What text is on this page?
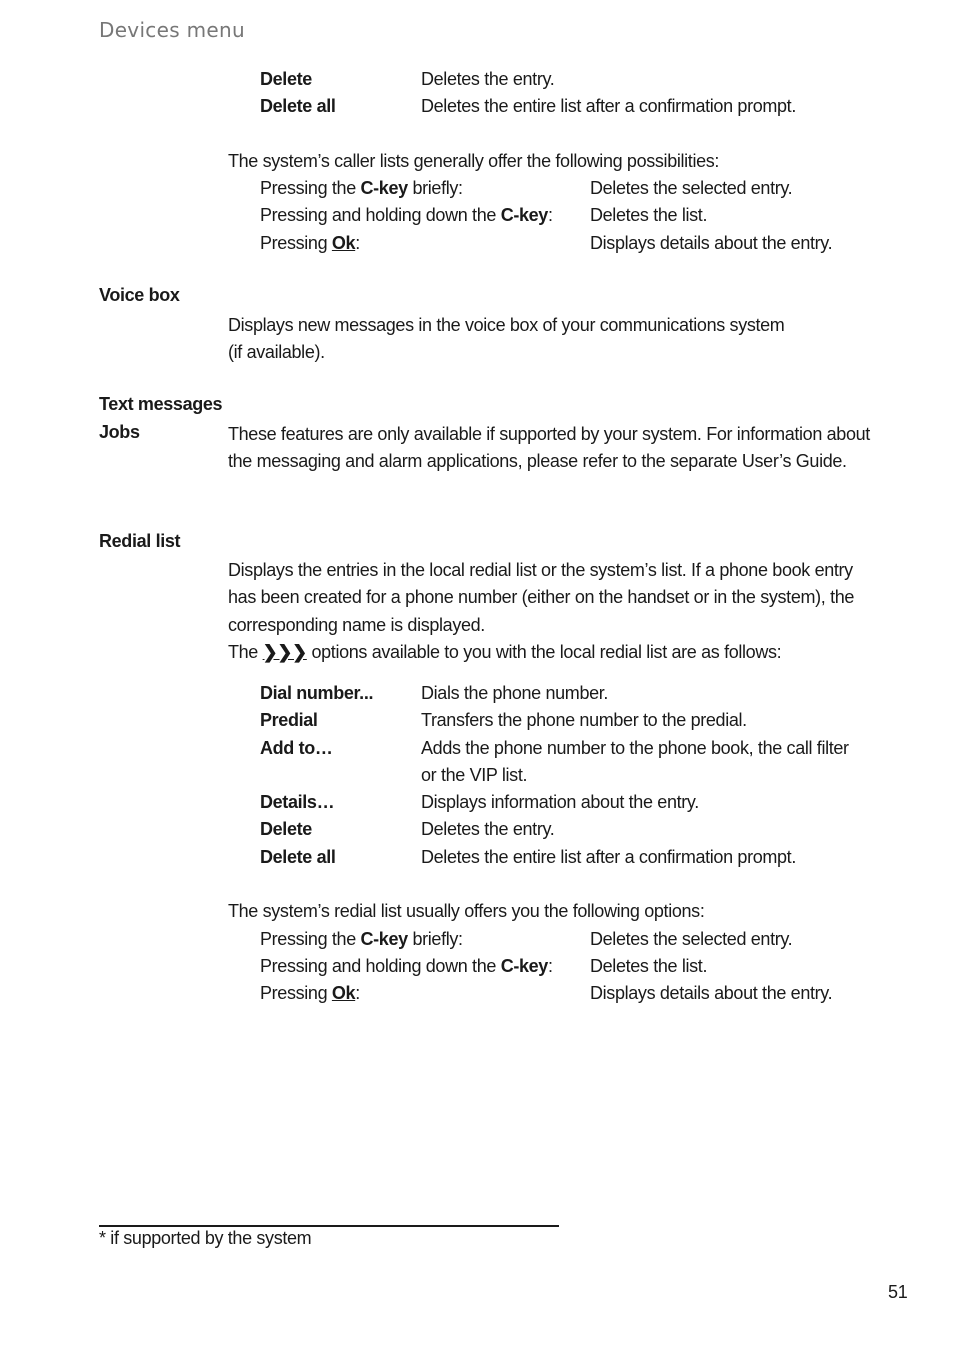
Devices menu
Delete	Deletes the entry.
Delete all	Deletes the entire list after a confirmation prompt.
The system’s caller lists generally offer the following possibilities:
Pressing the C-key briefly:	Deletes the selected entry.
Pressing and holding down the C-key: Deletes the list.
Pressing Ok:	Displays details about the entry.
Voice box
Displays new messages in the voice box of your communications system
(if available).
Text messages
Jobs	These features are only available if supported by your system. For information about the messaging and alarm applications, please refer to the separate User’s Guide.
Redial list
Displays the entries in the local redial list or the system’s list. If a phone book entry has been created for a phone number (either on the handset or in the system), the corresponding name is displayed.
The ❯❯❯ options available to you with the local redial list are as follows:
Dial number...	Dials the phone number.
Predial	Transfers the phone number to the predial.
Add to…	Adds the phone number to the phone book, the call filter
or the VIP list.
Details…	Displays information about the entry.
Delete	Deletes the entry.
Delete all	Deletes the entire list after a confirmation prompt.
The system’s redial list usually offers you the following options:
Pressing the C-key briefly:	Deletes the selected entry.
Pressing and holding down the C-key: Deletes the list.
Pressing Ok:	Displays details about the entry.
* if supported by the system
51
